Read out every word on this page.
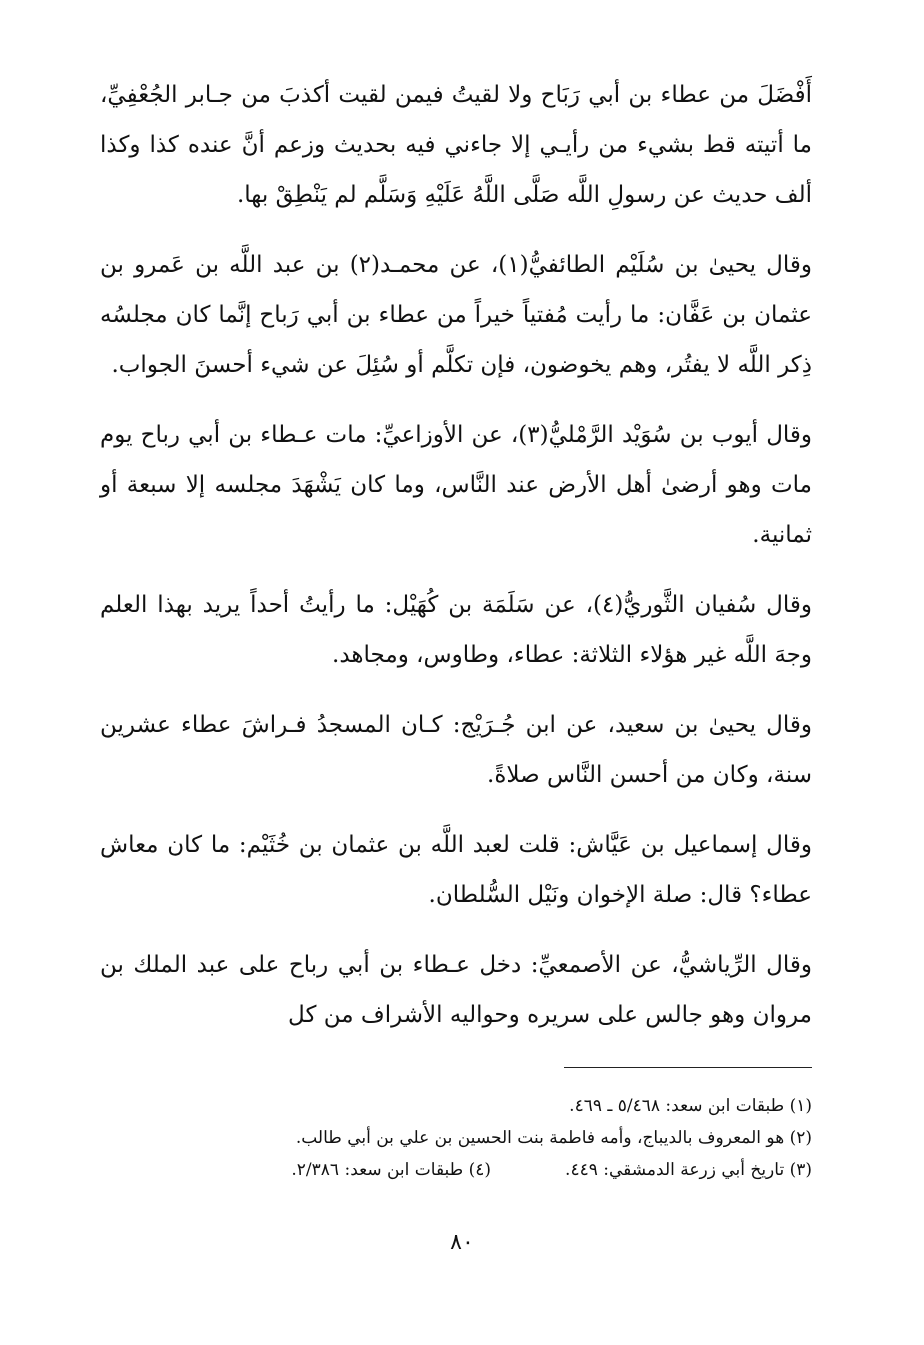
أَفْضَلَ من عطاء بن أبي رَبَاح ولا لقيتُ فيمن لقيت أكذبَ من جـابر الجُعْفِيِّ، ما أتيته قط بشيء من رأيـي إلا جاءني فيه بحديث وزعم أنَّ عنده كذا وكذا ألف حديث عن رسولِ اللَّه صَلَّى اللَّهُ عَلَيْهِ وَسَلَّم لم يَنْطِقْ بها.

وقال يحيىٰ بن سُلَيْم الطائفيُّ(١)، عن محمـد(٢) بن عبد اللَّه بن عَمرو بن عثمان بن عَفَّان: ما رأيت مُفتياً خيراً من عطاء بن أبي رَباح إنَّما كان مجلسُه ذِكر اللَّه لا يفتُر، وهم يخوضون، فإن تكلَّم أو سُئِلَ عن شيء أحسنَ الجواب.

وقال أيوب بن سُوَيْد الرَّمْليُّ(٣)، عن الأوزاعيِّ: مات عـطاء بن أبي رباح يوم مات وهو أرضىٰ أهل الأرض عند النَّاس، وما كان يَشْهَدَ مجلسه إلا سبعة أو ثمانية.

وقال سُفيان الثَّوريُّ(٤)، عن سَلَمَة بن كُهَيْل: ما رأيتُ أحداً يريد بهذا العلم وجهَ اللَّه غير هؤلاء الثلاثة: عطاء، وطاوس، ومجاهد.

وقال يحيىٰ بن سعيد، عن ابن جُـرَيْج: كـان المسجدُ فـراشَ عطاء عشرين سنة، وكان من أحسن النَّاس صلاةً.

وقال إسماعيل بن عَيَّاش: قلت لعبد اللَّه بن عثمان بن خُثَيْم: ما كان معاش عطاء؟ قال: صلة الإخوان ونَيْل السُّلطان.

وقال الرِّياشيُّ، عن الأصمعيِّ: دخل عـطاء بن أبي رباح على عبد الملك بن مروان وهو جالس على سريره وحواليه الأشراف من كل

(١) طبقات ابن سعد: ٥/٤٦٨ ـ ٤٦٩.
(٢) هو المعروف بالديباج، وأمه فاطمة بنت الحسين بن علي بن أبي طالب.
(٣) تاريخ أبي زرعة الدمشقي: ٤٤٩.
(٤) طبقات ابن سعد: ٢/٣٨٦.
٨٠
